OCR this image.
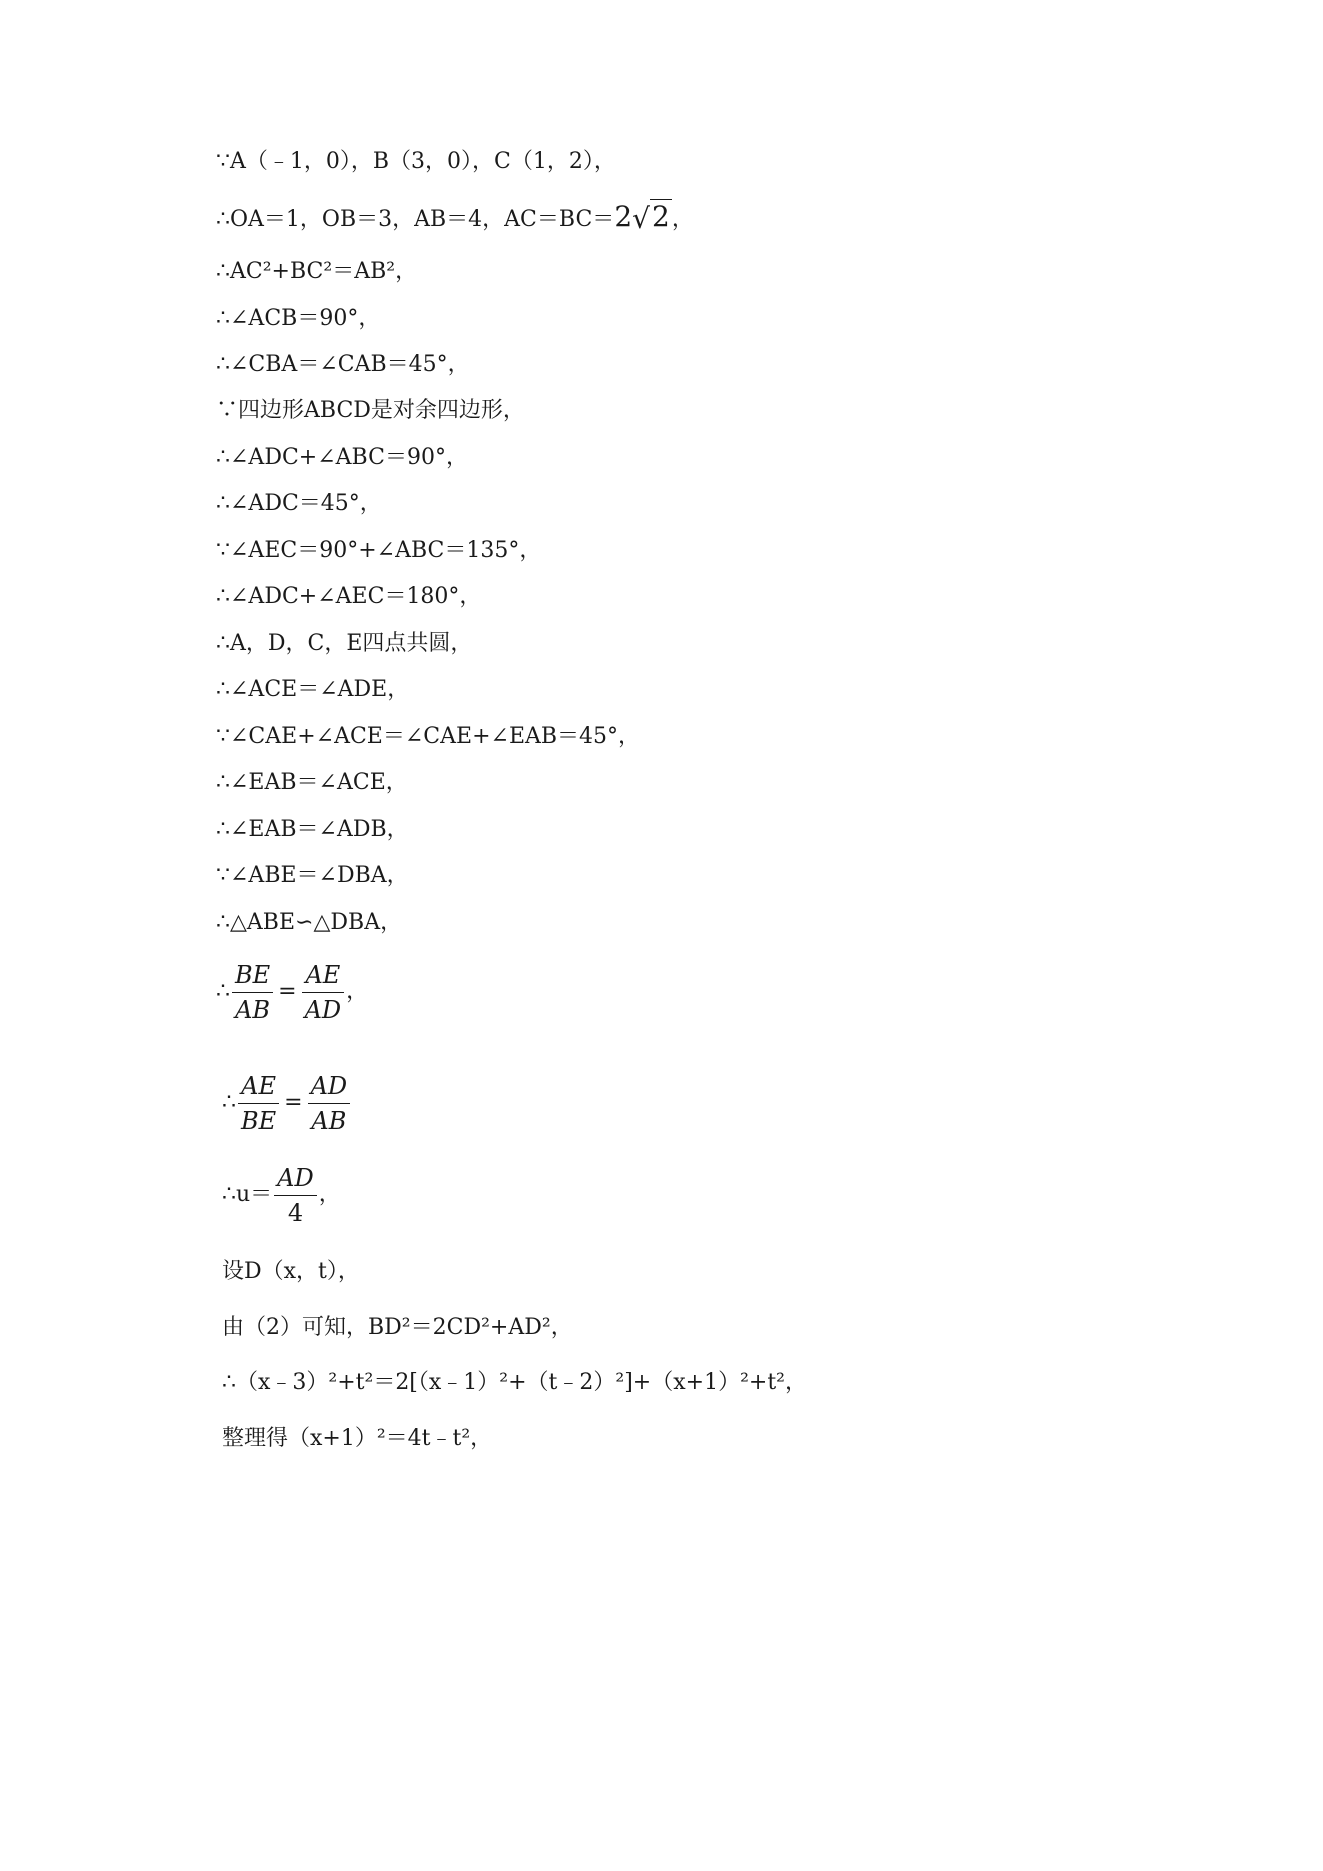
∵A（﹣1，0），B（3，0），C（1，2），
∴OA＝1，OB＝3，AB＝4，AC＝BC＝2√2，
∴AC²+BC²＝AB²，
∴∠ACB＝90°，
∴∠CBA＝∠CAB＝45°，
∵四边形ABCD是对余四边形，
∴∠ADC+∠ABC＝90°，
∴∠ADC＝45°，
∵∠AEC＝90°+∠ABC＝135°，
∴∠ADC+∠AEC＝180°，
∴A，D，C，E四点共圆，
∴∠ACE＝∠ADE，
∵∠CAE+∠ACE＝∠CAE+∠EAB＝45°，
∴∠EAB＝∠ACE，
∴∠EAB＝∠ADB，
∵∠ABE＝∠DBA，
∴△ABE∽△DBA，
∴ $\frac{BE}{AB} = \frac{AE}{AD}$ ，
∴ $\frac{AE}{BE} = \frac{AD}{AB}$
∴u＝ $\frac{AD}{4}$ ，
设D（x，t），
由（2）可知，BD²＝2CD²+AD²，
∴（x﹣3）²+t²＝2[（x﹣1）²+（t﹣2）²]+（x+1）²+t²，
整理得（x+1）²＝4t﹣t²，
